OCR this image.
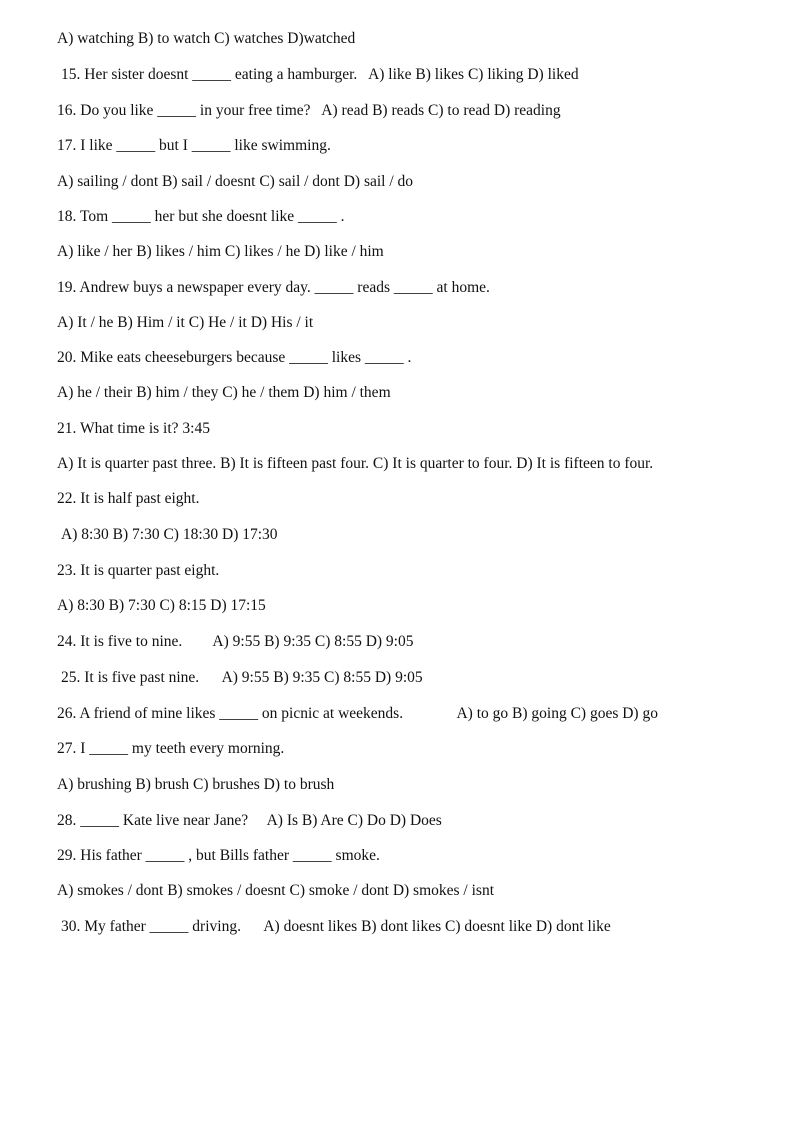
A) watching B) to watch C) watches D)watched
15. Her sister doesnt _____ eating a hamburger.   A) like B) likes C) liking D) liked
16. Do you like _____ in your free time?   A) read B) reads C) to read D) reading
17. I like _____ but I _____ like swimming.
A) sailing / dont B) sail / doesnt C) sail / dont D) sail / do
18. Tom _____ her but she doesnt like _____ .
A) like / her B) likes / him C) likes / he D) like / him
19. Andrew buys a newspaper every day. _____ reads _____ at home.
A) It / he B) Him / it C) He / it D) His / it
20. Mike eats cheeseburgers because _____ likes _____ .
A) he / their B) him / they C) he / them D) him / them
21. What time is it? 3:45
A) It is quarter past three. B) It is fifteen past four. C) It is quarter to four. D) It is fifteen to four.
22. It is half past eight.
A) 8:30 B) 7:30 C) 18:30 D) 17:30
23. It is quarter past eight.
A) 8:30 B) 7:30 C) 8:15 D) 17:15
24. It is five to nine.        A) 9:55 B) 9:35 C) 8:55 D) 9:05
25. It is five past nine.      A) 9:55 B) 9:35 C) 8:55 D) 9:05
26. A friend of mine likes _____ on picnic at weekends.              A) to go B) going C) goes D) go
27. I _____ my teeth every morning.
A) brushing B) brush C) brushes D) to brush
28. _____ Kate live near Jane?     A) Is B) Are C) Do D) Does
29. His father _____ , but Bills father _____ smoke.
A) smokes / dont B) smokes / doesnt C) smoke / dont D) smokes / isnt
30. My father _____ driving.      A) doesnt likes B) dont likes C) doesnt like D) dont like
